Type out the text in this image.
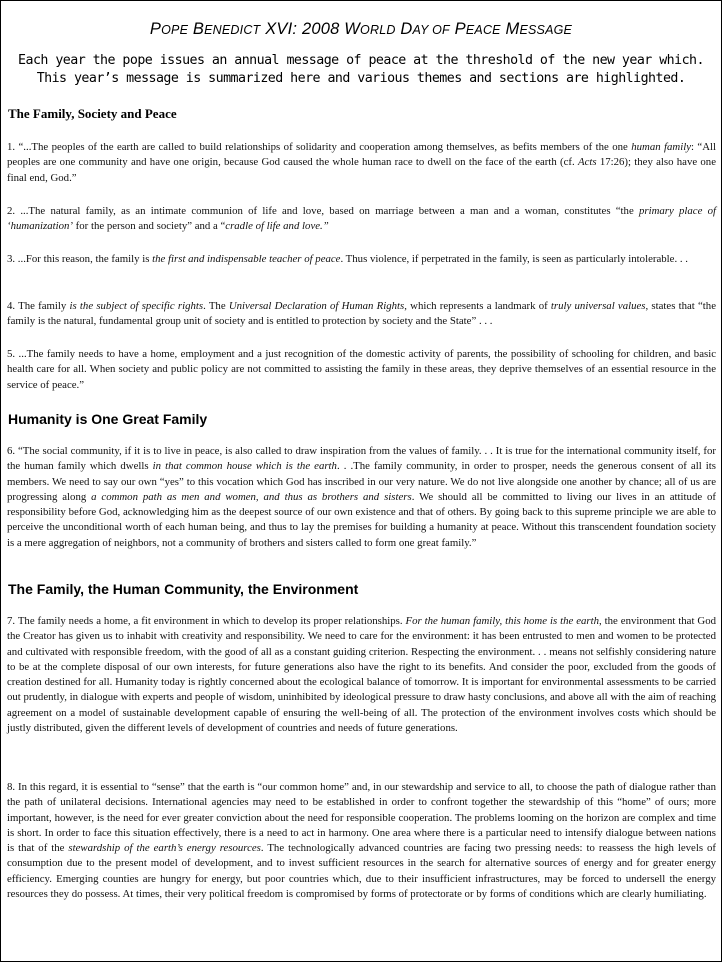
POPE BENEDICT XVI: 2008 WORLD DAY OF PEACE MESSAGE
Each year the pope issues an annual message of peace at the threshold of the new year which.
This year’s message is summarized here and various themes and sections are highlighted.
The Family, Society and Peace
1. “...The peoples of the earth are called to build relationships of solidarity and cooperation among themselves, as befits members of the one human family: “All peoples are one community and have one origin, because God caused the whole human race to dwell on the face of the earth (cf. Acts 17:26); they also have one final end, God.”
2. ...The natural family, as an intimate communion of life and love, based on marriage between a man and a woman, constitutes “the primary place of ‘humanization’ for the person and society” and a “cradle of life and love.”
3. ...For this reason, the family is the first and indispensable teacher of peace. Thus violence, if perpetrated in the family, is seen as particularly intolerable. . .
4. The family is the subject of specific rights. The Universal Declaration of Human Rights, which represents a landmark of truly universal values, states that “the family is the natural, fundamental group unit of society and is entitled to protection by society and the State” . . .
5. ...The family needs to have a home, employment and a just recognition of the domestic activity of parents, the possibility of schooling for children, and basic health care for all. When society and public policy are not committed to assisting the family in these areas, they deprive themselves of an essential resource in the service of peace.”
Humanity is One Great Family
6. “The social community, if it is to live in peace, is also called to draw inspiration from the values of family. . . It is true for the international community itself, for the human family which dwells in that common house which is the earth. . .The family community, in order to prosper, needs the generous consent of all its members. We need to say our own “yes” to this vocation which God has inscribed in our very nature. We do not live alongside one another by chance; all of us are progressing along a common path as men and women, and thus as brothers and sisters. We should all be committed to living our lives in an attitude of responsibility before God, acknowledging him as the deepest source of our own existence and that of others. By going back to this supreme principle we are able to perceive the unconditional worth of each human being, and thus to lay the premises for building a humanity at peace. Without this transcendent foundation society is a mere aggregation of neighbors, not a community of brothers and sisters called to form one great family.”
The Family, the Human Community, the Environment
7. The family needs a home, a fit environment in which to develop its proper relationships. For the human family, this home is the earth, the environment that God the Creator has given us to inhabit with creativity and responsibility. We need to care for the environment: it has been entrusted to men and women to be protected and cultivated with responsible freedom, with the good of all as a constant guiding criterion. Respecting the environment. . . means not selfishly considering nature to be at the complete disposal of our own interests, for future generations also have the right to its benefits. And consider the poor, excluded from the goods of creation destined for all. Humanity today is rightly concerned about the ecological balance of tomorrow. It is important for environmental assessments to be carried out prudently, in dialogue with experts and people of wisdom, uninhibited by ideological pressure to draw hasty conclusions, and above all with the aim of reaching agreement on a model of sustainable development capable of ensuring the well-being of all. The protection of the environment involves costs which should be justly distributed, given the different levels of development of countries and needs of future generations.
8. In this regard, it is essential to “sense” that the earth is “our common home” and, in our stewardship and service to all, to choose the path of dialogue rather than the path of unilateral decisions. International agencies may need to be established in order to confront together the stewardship of this “home” of ours; more important, however, is the need for ever greater conviction about the need for responsible cooperation. The problems looming on the horizon are complex and time is short. In order to face this situation effectively, there is a need to act in harmony. One area where there is a particular need to intensify dialogue between nations is that of the stewardship of the earth’s energy resources. The technologically advanced countries are facing two pressing needs: to reassess the high levels of consumption due to the present model of development, and to invest sufficient resources in the search for alternative sources of energy and for greater energy efficiency. Emerging counties are hungry for energy, but poor countries which, due to their insufficient infrastructures, may be forced to undersell the energy resources they do possess. At times, their very political freedom is compromised by forms of protectorate or by forms of conditions which are clearly humiliating.
